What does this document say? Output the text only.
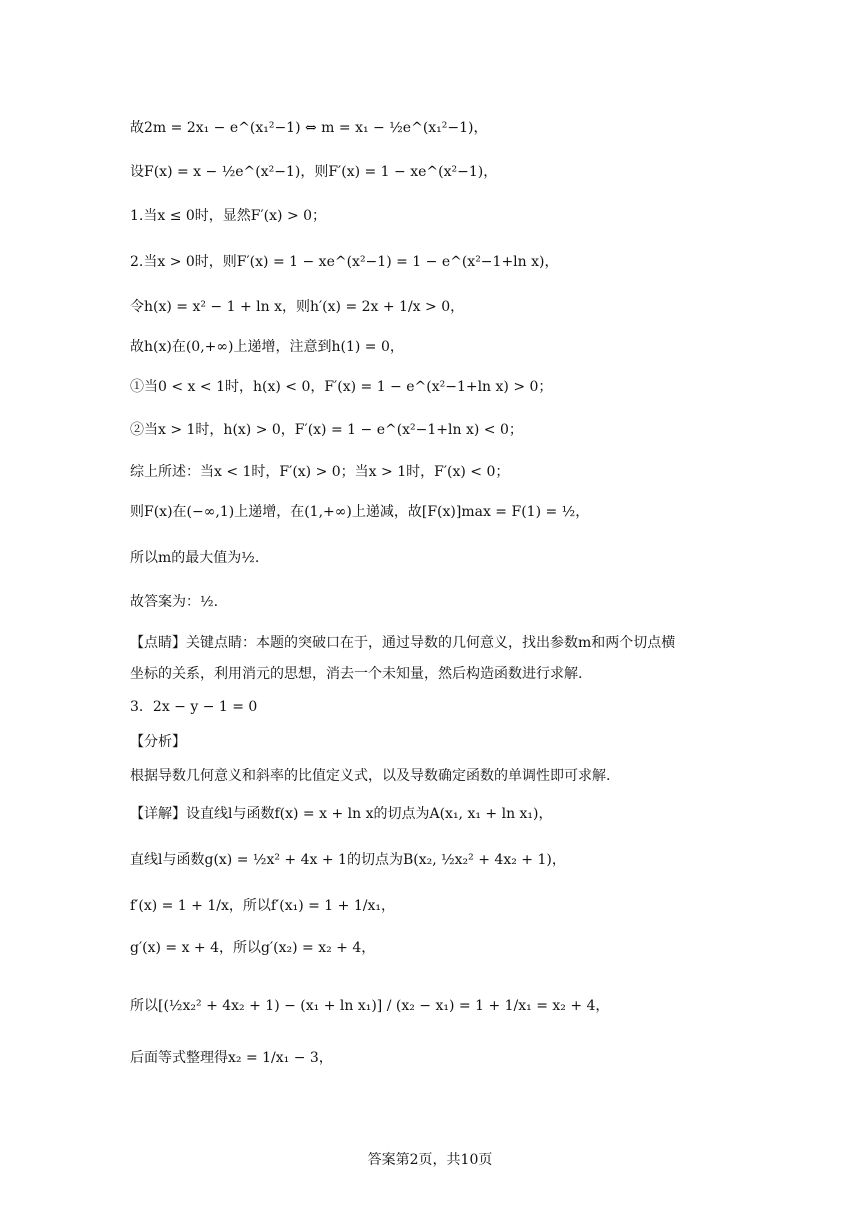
故2m = 2x₁ − e^(x₁²−1) ⇔ m = x₁ − ½e^(x₁²−1)，
设F(x) = x − ½e^(x²−1)，则F′(x) = 1 − xe^(x²−1)，
1.当x ≤ 0时，显然F′(x) > 0；
2.当x > 0时，则F′(x) = 1 − xe^(x²−1) = 1 − e^(x²−1+ln x)，
令h(x) = x² − 1 + ln x，则h′(x) = 2x + 1/x > 0，
故h(x)在(0,+∞)上递增，注意到h(1) = 0，
①当0 < x < 1时，h(x) < 0，F′(x) = 1 − e^(x²−1+ln x) > 0；
②当x > 1时，h(x) > 0，F′(x) = 1 − e^(x²−1+ln x) < 0；
综上所述：当x < 1时，F′(x) > 0；当x > 1时，F′(x) < 0；
则F(x)在(−∞,1)上递增，在(1,+∞)上递减，故[F(x)]max = F(1) = ½，
所以m的最大值为½.
故答案为：½.
【点睛】关键点睛：本题的突破口在于，通过导数的几何意义，找出参数m和两个切点横
坐标的关系，利用消元的思想，消去一个未知量，然后构造函数进行求解.
3．2x − y − 1 = 0
【分析】
根据导数几何意义和斜率的比值定义式，以及导数确定函数的单调性即可求解.
【详解】设直线l与函数f(x) = x + ln x的切点为A(x₁, x₁ + ln x₁)，
直线l与函数g(x) = ½x² + 4x + 1的切点为B(x₂, ½x₂² + 4x₂ + 1)，
f′(x) = 1 + 1/x，所以f′(x₁) = 1 + 1/x₁，
g′(x) = x + 4，所以g′(x₂) = x₂ + 4，
所以[(½x₂² + 4x₂ + 1) − (x₁ + ln x₁)] / (x₂ − x₁) = 1 + 1/x₁ = x₂ + 4，
后面等式整理得x₂ = 1/x₁ − 3，
答案第2页，共10页
